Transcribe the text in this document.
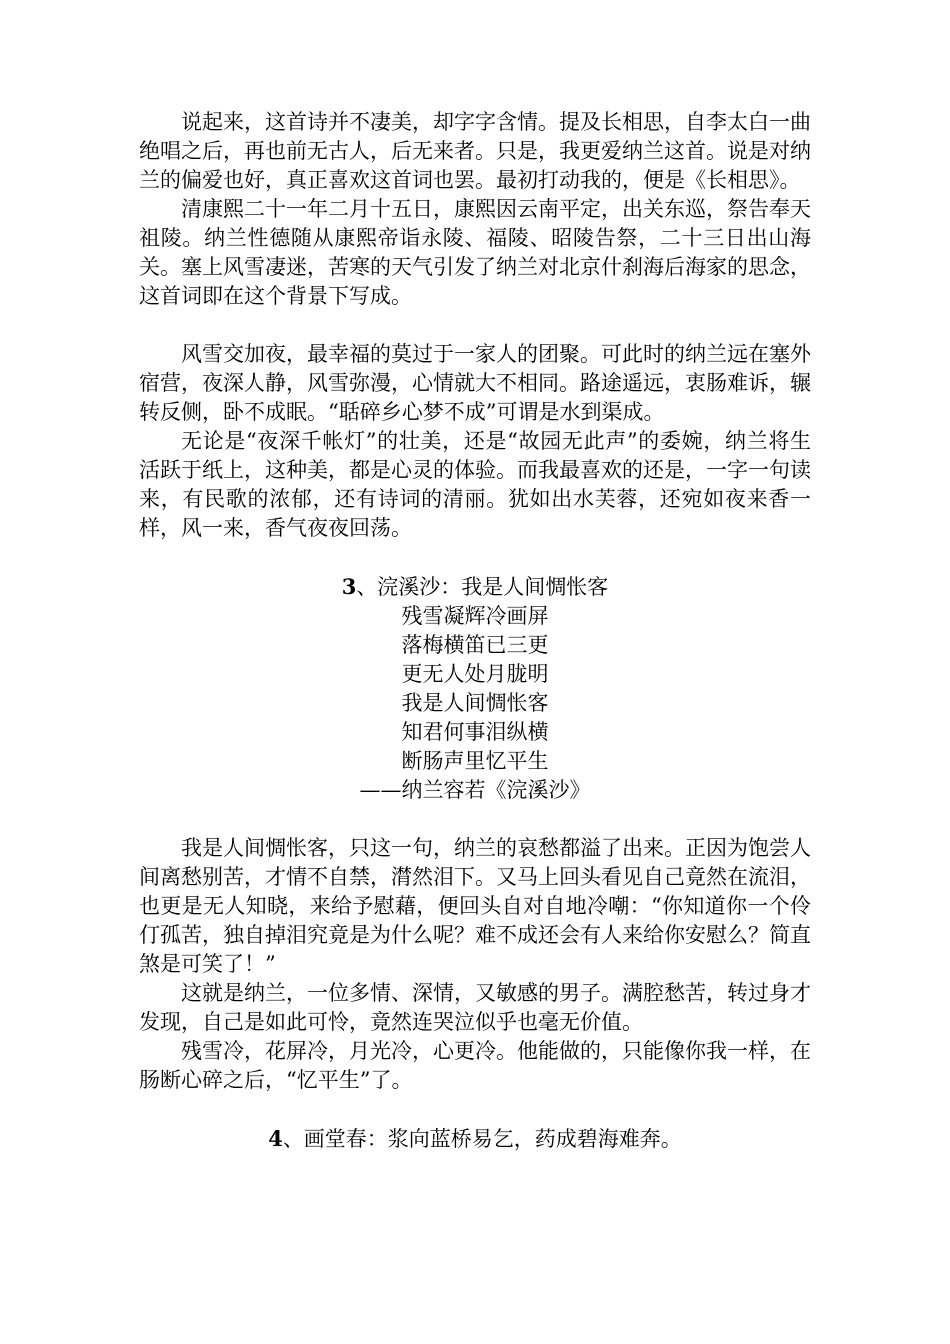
说起来，这首诗并不凄美，却字字含情。提及长相思，自李太白一曲绝唱之后，再也前无古人，后无来者。只是，我更爱纳兰这首。说是对纳兰的偏爱也好，真正喜欢这首词也罢。最初打动我的，便是《长相思》。

清康熙二十一年二月十五日，康熙因云南平定，出关东巡，祭告奉天祖陵。纳兰性德随从康熙帝诣永陵、福陵、昭陵告祭，二十三日出山海关。塞上风雪凄迷，苦寒的天气引发了纳兰对北京什刹海后海家的思念，这首词即在这个背景下写成。

风雪交加夜，最幸福的莫过于一家人的团聚。可此时的纳兰远在塞外宿营，夜深人静，风雪弥漫，心情就大不相同。路途遥远，衷肠难诉，辗转反侧，卧不成眠。“聒碎乡心梦不成”可谓是水到渠成。

无论是“夜深千帐灯”的壮美，还是“故园无此声”的委婉，纳兰将生活跃于纸上，这种美，都是心灵的体验。而我最喜欢的还是，一字一句读来，有民歌的浓郁，还有诗词的清丽。犹如出水芙蓉，还宛如夜来香一样，风一来，香气夜夜回荡。

3、浣溪沙：我是人间惆怅客

残雪凝辉冷画屏
落梅横笛已三更
更无人处月胧明
我是人间惆怅客
知君何事泪纵横
断肠声里忆平生
——纳兰容若《浣溪沙》

我是人间惆怅客，只这一句，纳兰的哀愁都溢了出来。正因为饱尝人间离愁别苦，才情不自禁，潸然泪下。又马上回头看见自己竟然在流泪，也更是无人知晓，来给予慰藉，便回头自对自地冷嘲：“你知道你一个伶仃孤苦，独自掉泪究竟是为什么呢？难不成还会有人来给你安慰么？简直煞是可笑了！”

这就是纳兰，一位多情、深情，又敏感的男子。满腔愁苦，转过身才发现，自己是如此可怜，竟然连哭泣似乎也毫无价值。

残雪冷，花屏冷，月光冷，心更冷。他能做的，只能像你我一样，在肠断心碎之后，“忆平生”了。

4、画堂春：浆向蓝桥易乞，药成碧海难奔。
